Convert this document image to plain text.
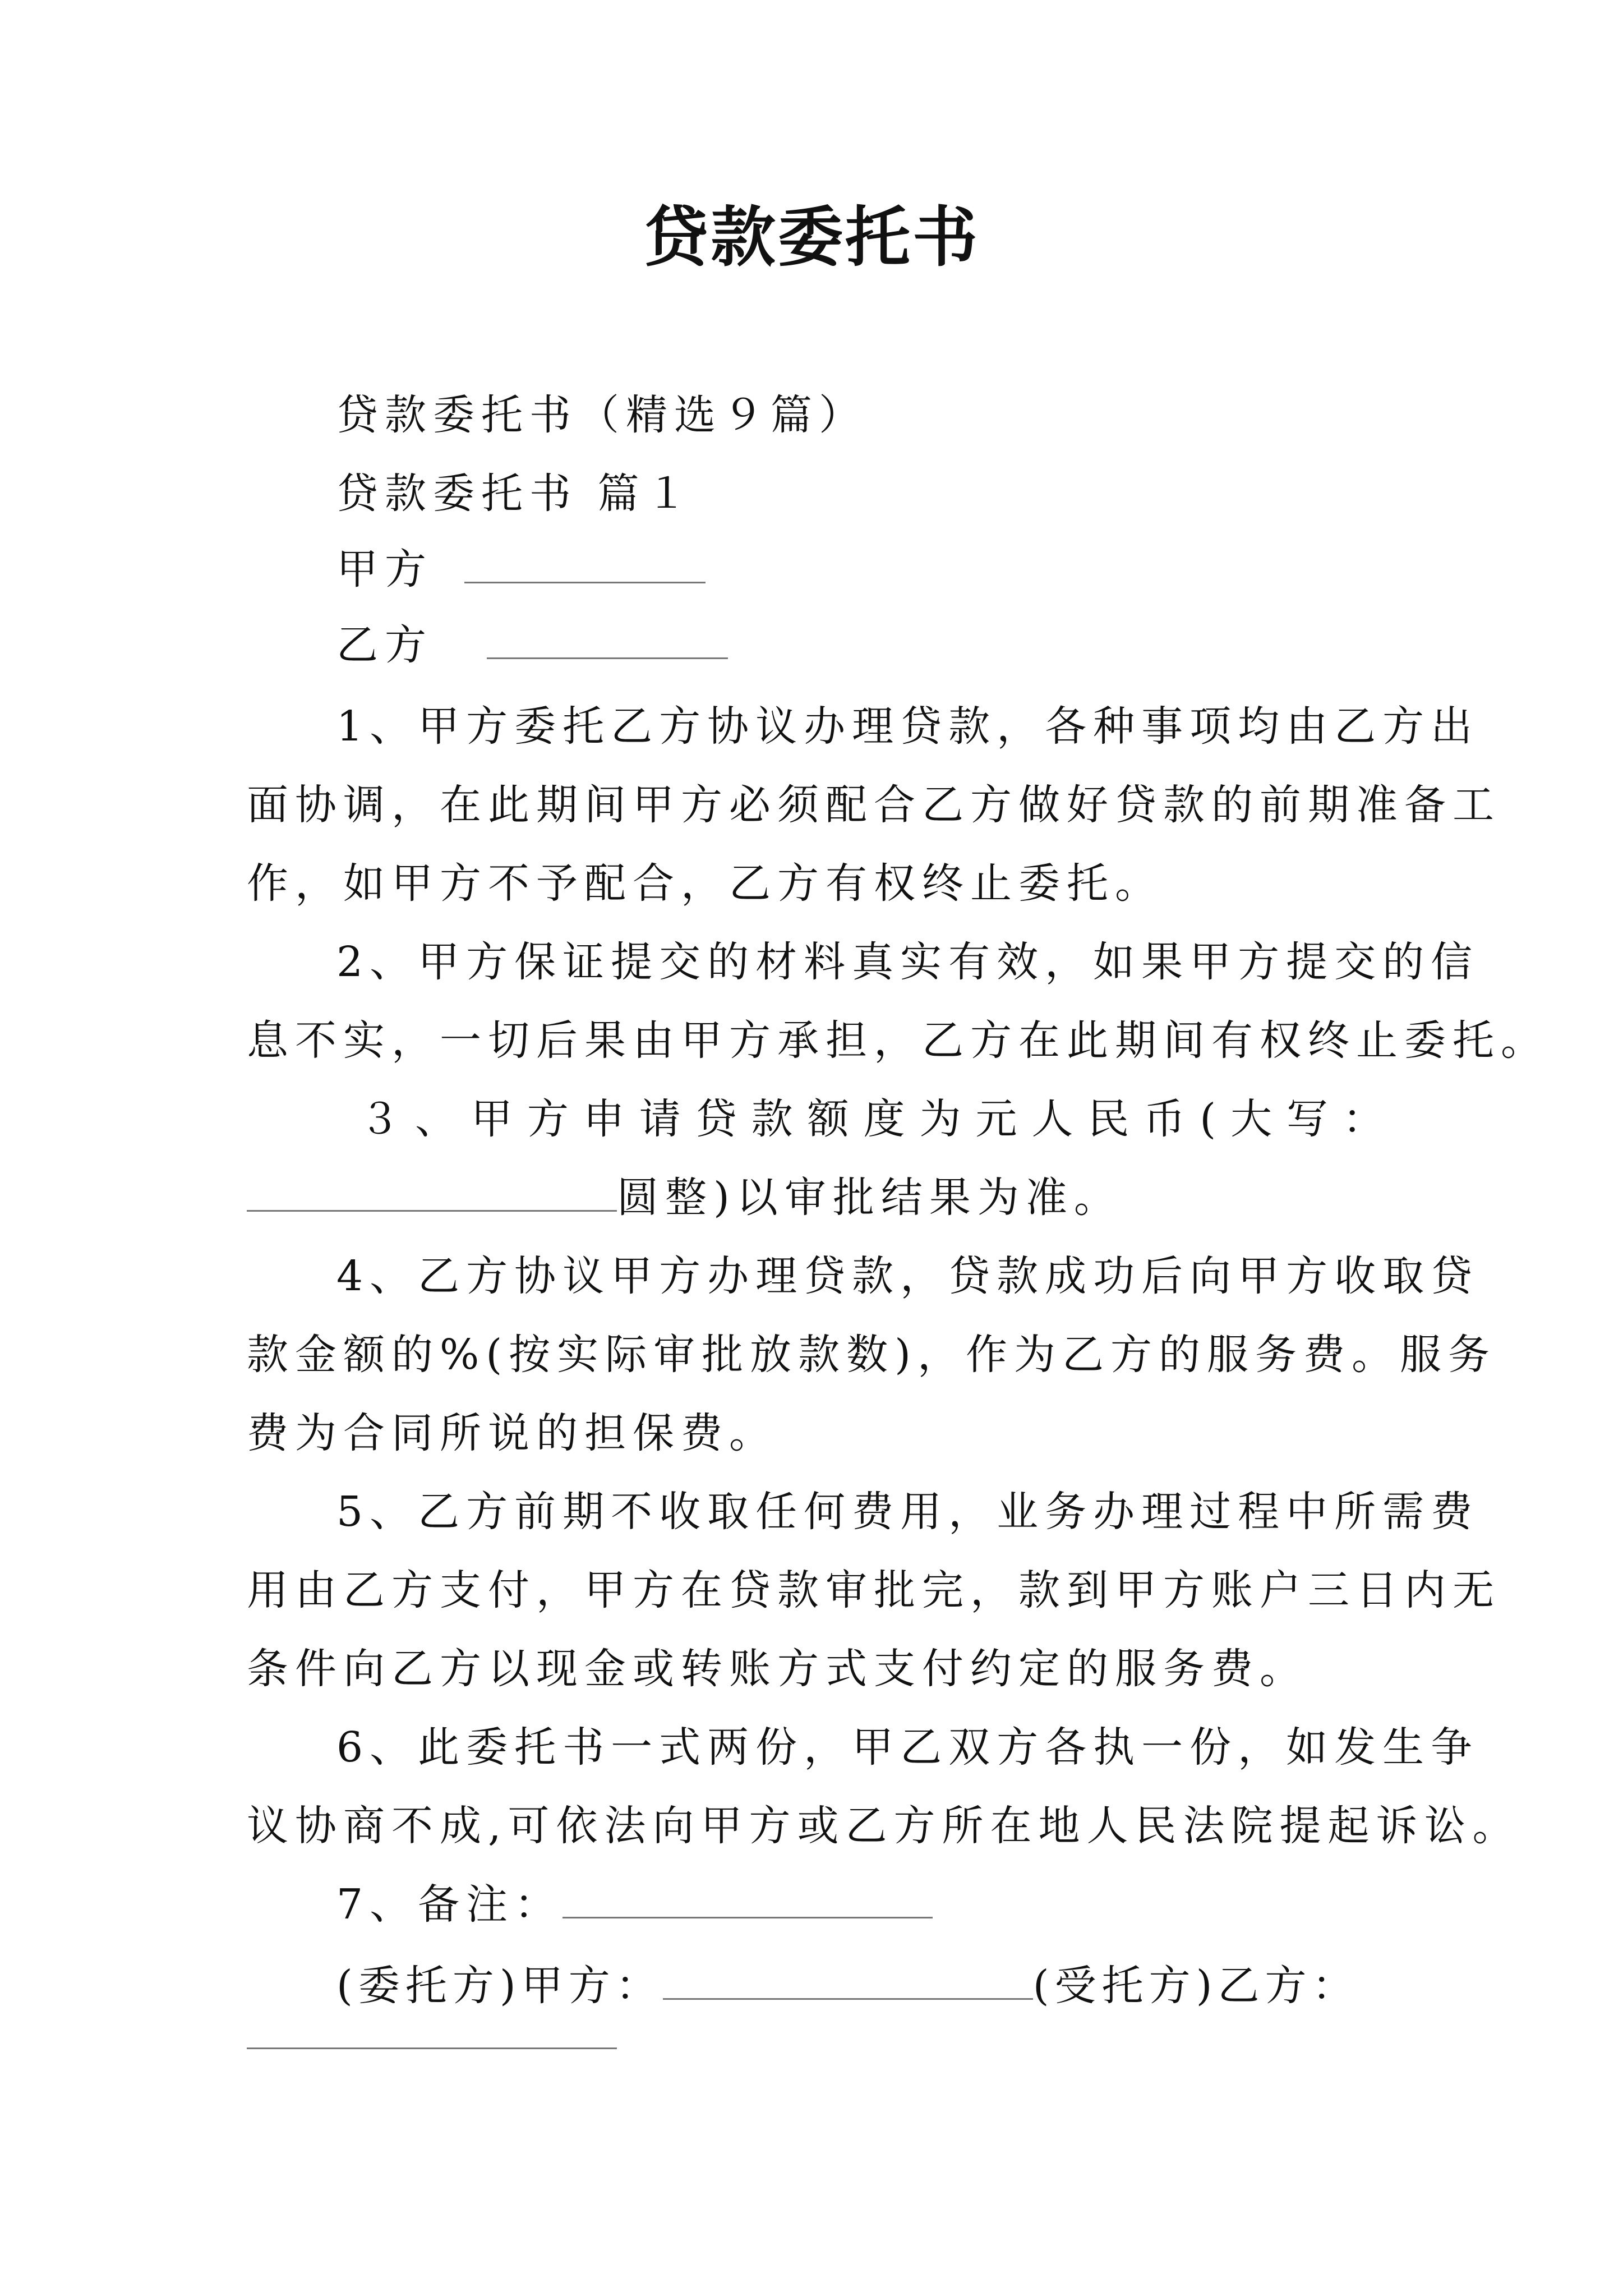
贷款委托书
贷款委托书（精选９篇）
贷款委托书 篇１
甲方
乙方
1、甲方委托乙方协议办理贷款，各种事项均由乙方出
面协调，在此期间甲方必须配合乙方做好贷款的前期准备工
作，如甲方不予配合，乙方有权终止委托。
2、甲方保证提交的材料真实有效，如果甲方提交的信
息不实，一切后果由甲方承担，乙方在此期间有权终止委托。
３、甲方申请贷款额度为元人民币(大写：
圆整)以审批结果为准。
4、乙方协议甲方办理贷款，贷款成功后向甲方收取贷
款金额的%(按实际审批放款数)，作为乙方的服务费。服务
费为合同所说的担保费。
5、乙方前期不收取任何费用，业务办理过程中所需费
用由乙方支付，甲方在贷款审批完，款到甲方账户三日内无
条件向乙方以现金或转账方式支付约定的服务费。
6、此委托书一式两份，甲乙双方各执一份，如发生争
议协商不成,可依法向甲方或乙方所在地人民法院提起诉讼。
7、备注：
(委托方)甲方：	(受托方)乙方：
